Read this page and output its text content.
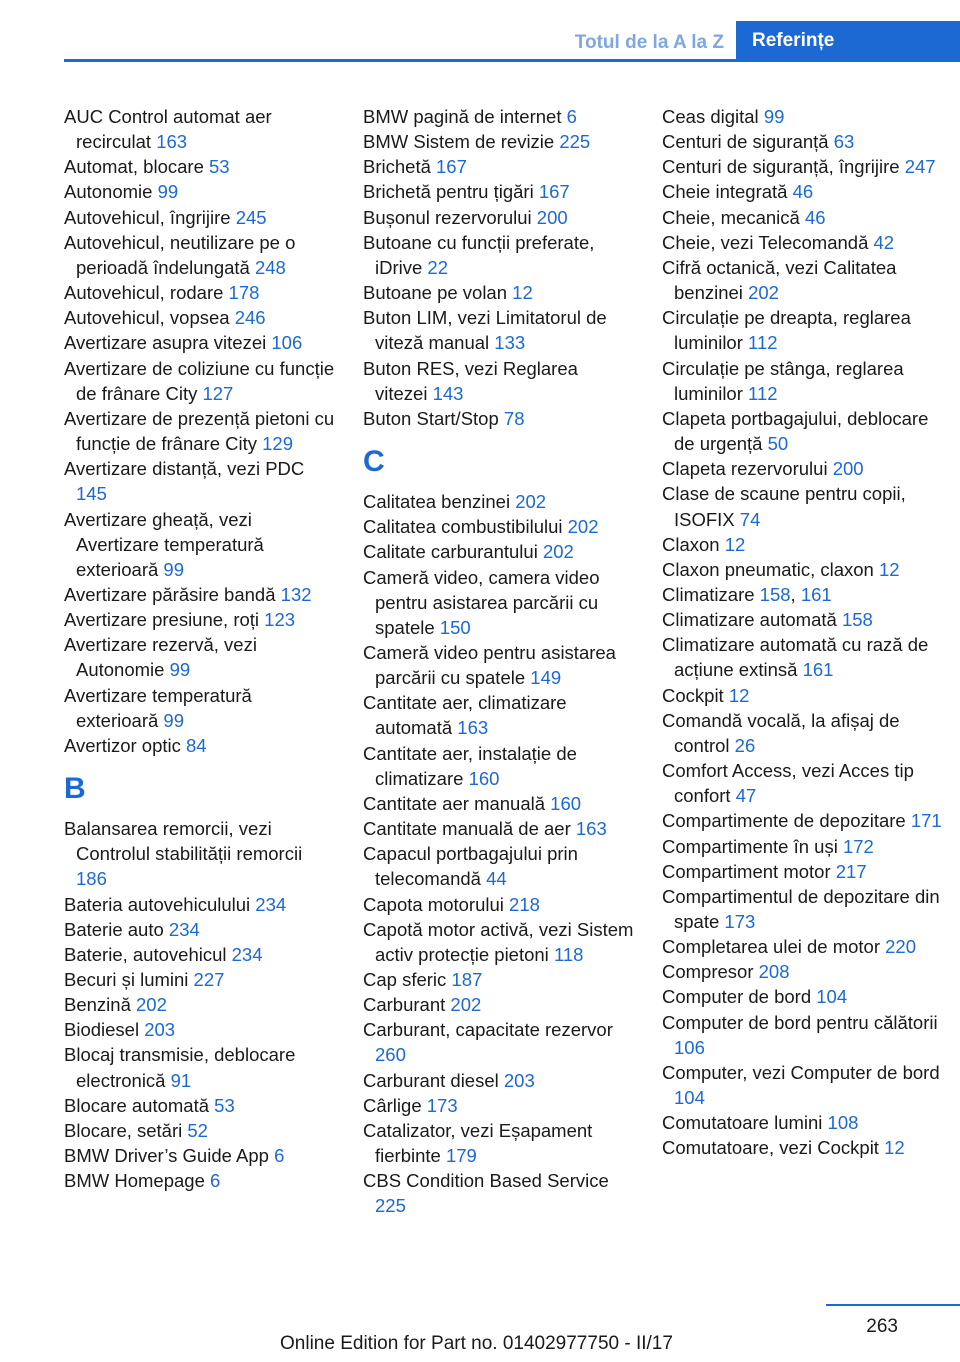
Totul de la A la Z	Referințe

AUC Control automat aer recirculat 163

Automat, blocare 53

Autonomie 99

Autovehicul, îngrijire 245

Autovehicul, neutilizare pe o perioadă îndelungată 248

Autovehicul, rodare 178

Autovehicul, vopsea 246

Avertizare asupra vitezei 106

Avertizare de coliziune cu funcție de frânare City 127

Avertizare de prezență pietoni cu funcție de frânare City 129

Avertizare distanță, vezi PDC 145

Avertizare gheață, vezi Avertizare temperatură exterioară 99

Avertizare părăsire bandă 132

Avertizare presiune, roți 123

Avertizare rezervă, vezi Autonomie 99

Avertizare temperatură exterioară 99

Avertizor optic 84

B

Balansarea remorcii, vezi Controlul stabilității remorcii 186

Bateria autovehiculului 234

Baterie auto 234

Baterie, autovehicul 234

Becuri și lumini 227

Benzină 202

Biodiesel 203

Blocaj transmisie, deblocare electronică 91

Blocare automată 53

Blocare, setări 52

BMW Driver’s Guide App 6

BMW Homepage 6

BMW pagină de internet 6

BMW Sistem de revizie 225

Brichetă 167

Brichetă pentru țigări 167

Bușonul rezervorului 200

Butoane cu funcții preferate, iDrive 22

Butoane pe volan 12

Buton LIM, vezi Limitatorul de viteză manual 133

Buton RES, vezi Reglarea vitezei 143

Buton Start/Stop 78

C

Calitatea benzinei 202

Calitatea combustibilului 202

Calitate carburantului 202

Cameră video, camera video pentru asistarea parcării cu spatele 150

Cameră video pentru asistarea parcării cu spatele 149

Cantitate aer, climatizare automată 163

Cantitate aer, instalație de climatizare 160

Cantitate aer manuală 160

Cantitate manuală de aer 163

Capacul portbagajului prin telecomandă 44

Capota motorului 218

Capotă motor activă, vezi Sistem activ protecție pietoni 118

Cap sferic 187

Carburant 202

Carburant, capacitate rezervor 260

Carburant diesel 203

Cârlige 173

Catalizator, vezi Eșapament fierbinte 179

CBS Condition Based Service 225

Ceas digital 99

Centuri de siguranță 63

Centuri de siguranță, îngrijire 247

Cheie integrată 46

Cheie, mecanică 46

Cheie, vezi Telecomandă 42

Cifră octanică, vezi Calitatea benzinei 202

Circulație pe dreapta, reglarea luminilor 112

Circulație pe stânga, reglarea luminilor 112

Clapeta portbagajului, deblocare de urgență 50

Clapeta rezervorului 200

Clase de scaune pentru copii, ISOFIX 74

Claxon 12

Claxon pneumatic, claxon 12

Climatizare 158, 161

Climatizare automată 158

Climatizare automată cu rază de acțiune extinsă 161

Cockpit 12

Comandă vocală, la afișaj de control 26

Comfort Access, vezi Acces tip confort 47

Compartimente de depozitare 171

Compartimente în uși 172

Compartiment motor 217

Compartimentul de depozitare din spate 173

Completarea ulei de motor 220

Compresor 208

Computer de bord 104

Computer de bord pentru călătorii 106

Computer, vezi Computer de bord 104

Comutatoare lumini 108

Comutatoare, vezi Cockpit 12

263
Online Edition for Part no. 01402977750 - II/17
